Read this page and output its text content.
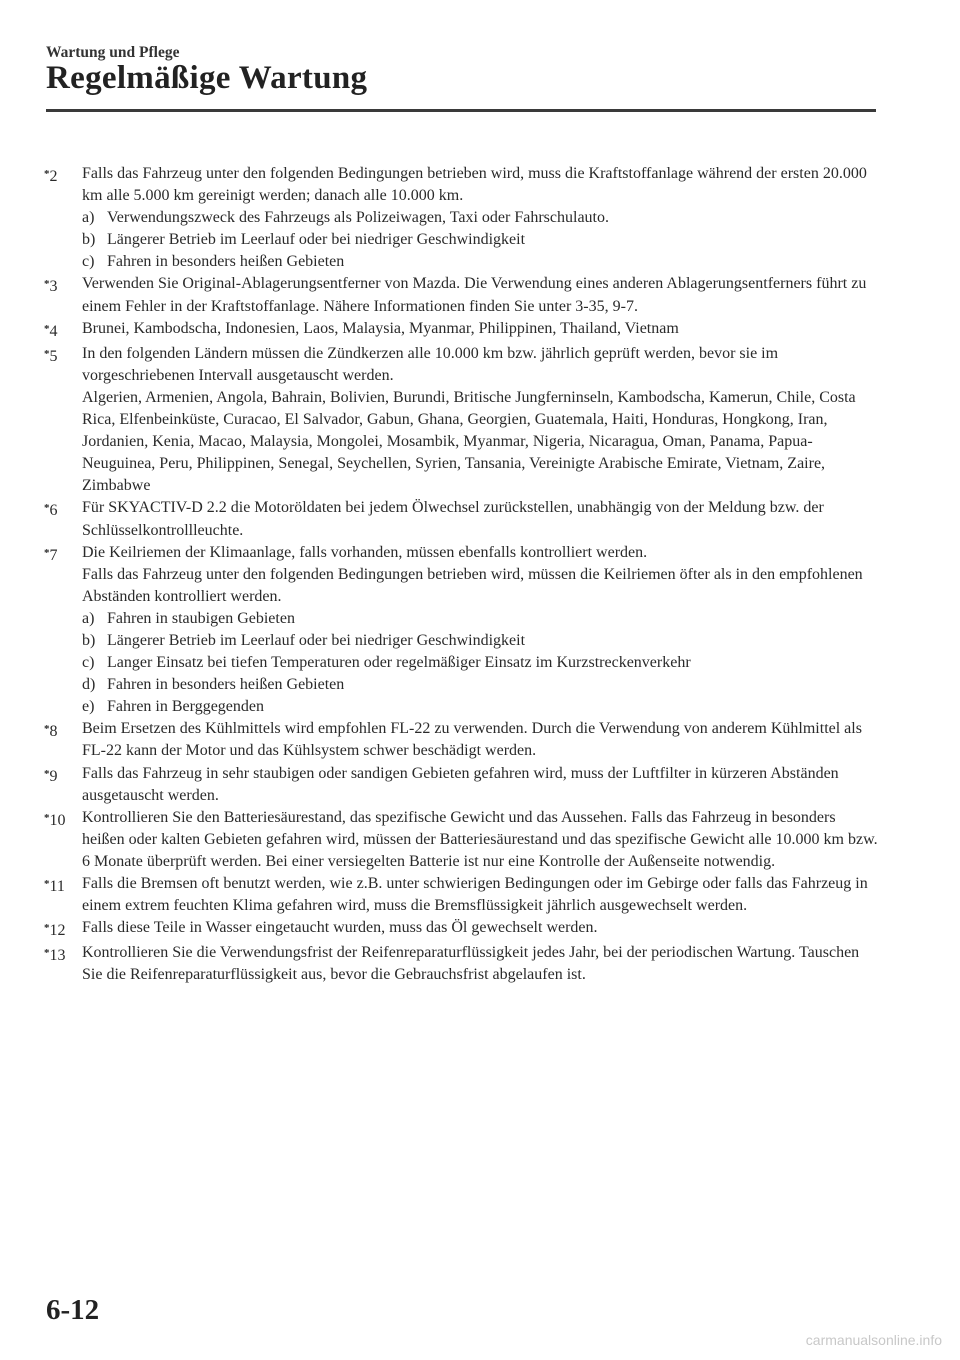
Wartung und Pflege
Regelmäßige Wartung
*2	Falls das Fahrzeug unter den folgenden Bedingungen betrieben wird, muss die Kraftstoffanlage während der ersten 20.000 km alle 5.000 km gereinigt werden; danach alle 10.000 km.

a) Verwendungszweck des Fahrzeugs als Polizeiwagen, Taxi oder Fahrschulauto.
b) Längerer Betrieb im Leerlauf oder bei niedriger Geschwindigkeit
c) Fahren in besonders heißen Gebieten
*3	Verwenden Sie Original-Ablagerungsentferner von Mazda. Die Verwendung eines anderen Ablagerungsentferners führt zu einem Fehler in der Kraftstoffanlage. Nähere Informationen finden Sie unter 3-35, 9-7.

*4	Brunei, Kambodscha, Indonesien, Laos, Malaysia, Myanmar, Philippinen, Thailand, Vietnam

*5	In den folgenden Ländern müssen die Zündkerzen alle 10.000 km bzw. jährlich geprüft werden, bevor sie im vorgeschriebenen Intervall ausgetauscht werden.

Algerien, Armenien, Angola, Bahrain, Bolivien, Burundi, Britische Jungferninseln, Kambodscha, Kamerun, Chile, Costa Rica, Elfenbeinküste, Curacao, El Salvador, Gabun, Ghana, Georgien, Guatemala, Haiti, Honduras, Hongkong, Iran, Jordanien, Kenia, Macao, Malaysia, Mongolei, Mosambik, Myanmar, Nigeria, Nicaragua, Oman, Panama, Papua-Neuguinea, Peru, Philippinen, Senegal, Seychellen, Syrien, Tansania, Vereinigte Arabische Emirate, Vietnam, Zaire, Zimbabwe

*6	Für SKYACTIV-D 2.2 die Motoröldaten bei jedem Ölwechsel zurückstellen, unabhängig von der Meldung bzw. der Schlüsselkontrollleuchte.

*7	Die Keilriemen der Klimaanlage, falls vorhanden, müssen ebenfalls kontrolliert werden.

Falls das Fahrzeug unter den folgenden Bedingungen betrieben wird, müssen die Keilriemen öfter als in den empfohlenen Abständen kontrolliert werden.

a) Fahren in staubigen Gebieten
b) Längerer Betrieb im Leerlauf oder bei niedriger Geschwindigkeit
c) Langer Einsatz bei tiefen Temperaturen oder regelmäßiger Einsatz im Kurzstreckenverkehr
d) Fahren in besonders heißen Gebieten
e) Fahren in Berggegenden
*8	Beim Ersetzen des Kühlmittels wird empfohlen FL-22 zu verwenden. Durch die Verwendung von anderem Kühlmittel als FL-22 kann der Motor und das Kühlsystem schwer beschädigt werden.

*9	Falls das Fahrzeug in sehr staubigen oder sandigen Gebieten gefahren wird, muss der Luftfilter in kürzeren Abständen ausgetauscht werden.

*10	Kontrollieren Sie den Batteriesäurestand, das spezifische Gewicht und das Aussehen. Falls das Fahrzeug in besonders heißen oder kalten Gebieten gefahren wird, müssen der Batteriesäurestand und das spezifische Gewicht alle 10.000 km bzw. 6 Monate überprüft werden. Bei einer versiegelten Batterie ist nur eine Kontrolle der Außenseite notwendig.

*11	Falls die Bremsen oft benutzt werden, wie z.B. unter schwierigen Bedingungen oder im Gebirge oder falls das Fahrzeug in einem extrem feuchten Klima gefahren wird, muss die Bremsflüssigkeit jährlich ausgewechselt werden.

*12	Falls diese Teile in Wasser eingetaucht wurden, muss das Öl gewechselt werden.

*13	Kontrollieren Sie die Verwendungsfrist der Reifenreparaturflüssigkeit jedes Jahr, bei der periodischen Wartung. Tauschen Sie die Reifenreparaturflüssigkeit aus, bevor die Gebrauchsfrist abgelaufen ist.

6-12
carmanualsonline.info
